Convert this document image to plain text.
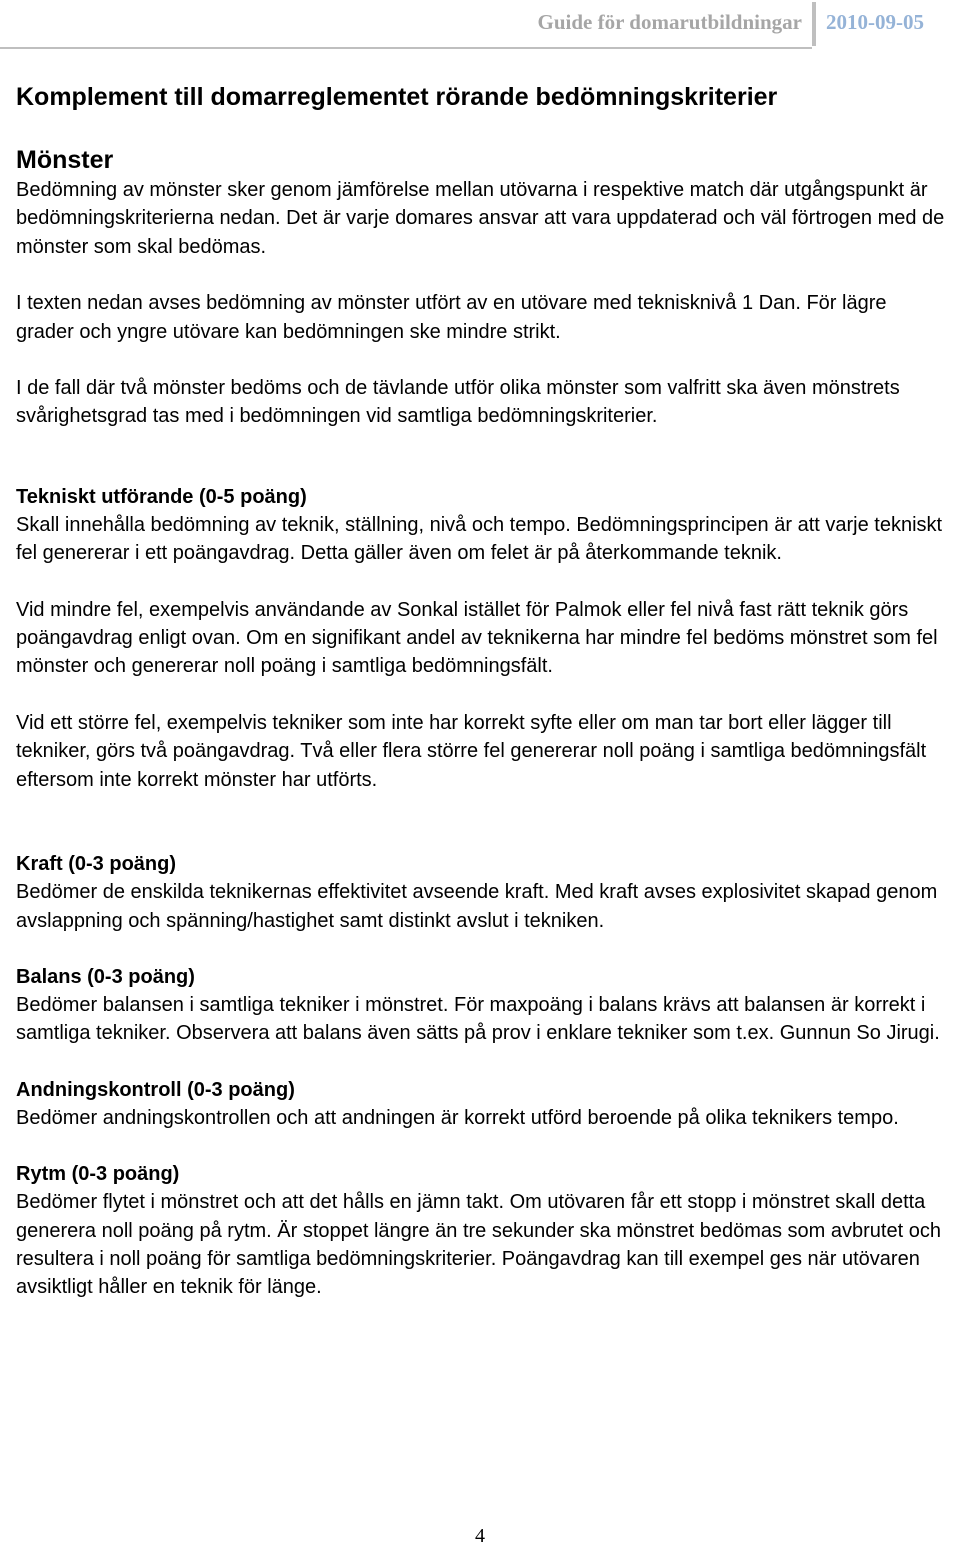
Guide för domarutbildningar 2010-09-05
Komplement till domarreglementet rörande bedömningskriterier
Mönster

Bedömning av mönster sker genom jämförelse mellan utövarna i respektive match där utgångspunkt är bedömningskriterierna nedan. Det är varje domares ansvar att vara uppdaterad och väl förtrogen med de mönster som skal bedömas.

I texten nedan avses bedömning av mönster utfört av en utövare med teknisknivå 1 Dan. För lägre grader och yngre utövare kan bedömningen ske mindre strikt.

I de fall där två mönster bedöms och de tävlande utför olika mönster som valfritt ska även mönstrets svårighetsgrad tas med i bedömningen vid samtliga bedömningskriterier.

Tekniskt utförande (0-5 poäng)

Skall innehålla bedömning av teknik, ställning, nivå och tempo. Bedömningsprincipen är att varje tekniskt fel genererar i ett poängavdrag. Detta gäller även om felet är på återkommande teknik.

Vid mindre fel, exempelvis användande av Sonkal istället för Palmok eller fel nivå fast rätt teknik görs poängavdrag enligt ovan. Om en signifikant andel av teknikerna har mindre fel bedöms mönstret som fel mönster och genererar noll poäng i samtliga bedömningsfält.

Vid ett större fel, exempelvis tekniker som inte har korrekt syfte eller om man tar bort eller lägger till tekniker, görs två poängavdrag. Två eller flera större fel genererar noll poäng i samtliga bedömningsfält eftersom inte korrekt mönster har utförts.

Kraft (0-3 poäng)

Bedömer de enskilda teknikernas effektivitet avseende kraft. Med kraft avses explosivitet skapad genom avslappning och spänning/hastighet samt distinkt avslut i tekniken.

Balans (0-3 poäng)

Bedömer balansen i samtliga tekniker i mönstret. För maxpoäng i balans krävs att balansen är korrekt i samtliga tekniker. Observera att balans även sätts på prov i enklare tekniker som t.ex. Gunnun So Jirugi.

Andningskontroll (0-3 poäng)

Bedömer andningskontrollen och att andningen är korrekt utförd beroende på olika teknikers tempo.

Rytm (0-3 poäng)

Bedömer flytet i mönstret och att det hålls en jämn takt. Om utövaren får ett stopp i mönstret skall detta generera noll poäng på rytm. Är stoppet längre än tre sekunder ska mönstret bedömas som avbrutet och resultera i noll poäng för samtliga bedömningskriterier. Poängavdrag kan till exempel ges när utövaren avsiktligt håller en teknik för länge.

4
